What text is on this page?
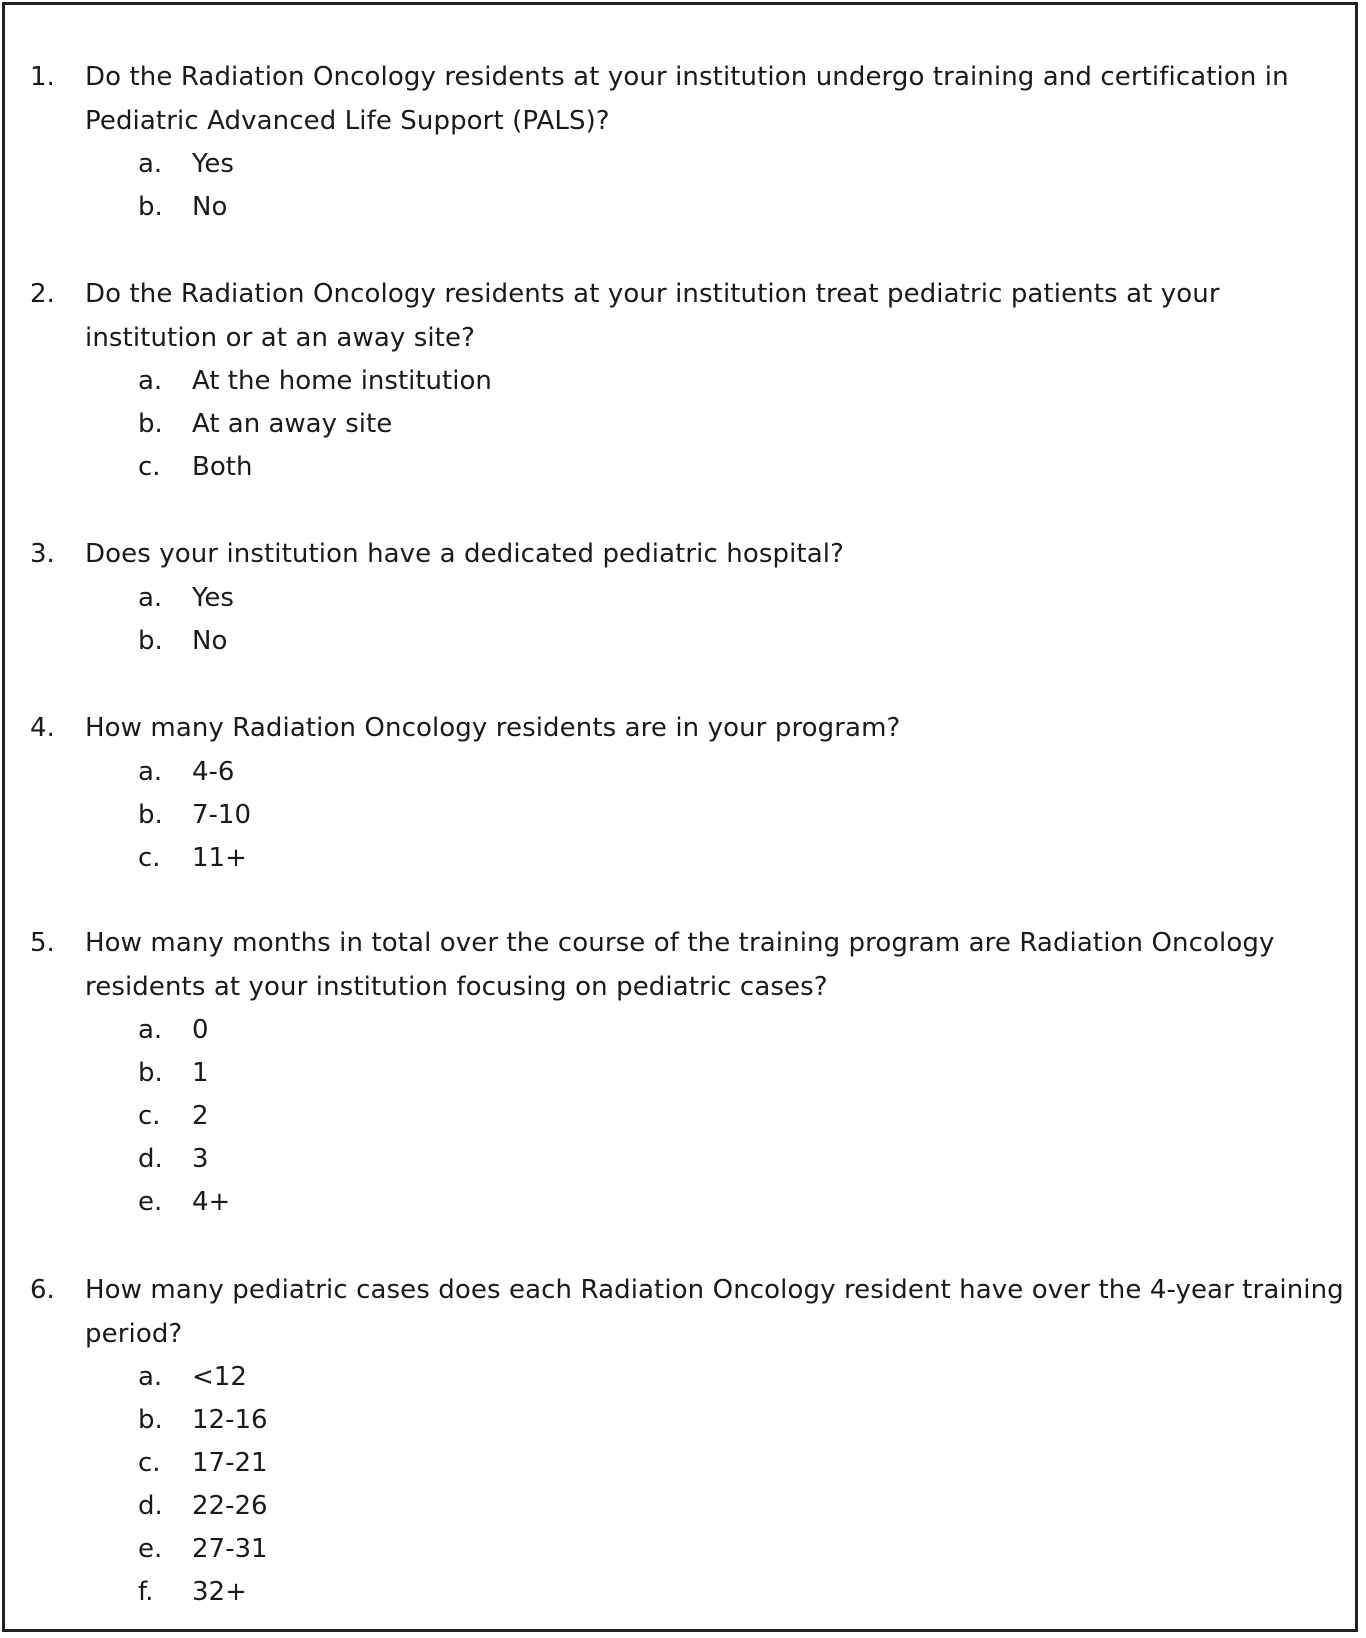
1. Do the Radiation Oncology residents at your institution undergo training and certification in Pediatric Advanced Life Support (PALS)?
a. Yes
b. No
2. Do the Radiation Oncology residents at your institution treat pediatric patients at your institution or at an away site?
a. At the home institution
b. At an away site
c. Both
3. Does your institution have a dedicated pediatric hospital?
a. Yes
b. No
4. How many Radiation Oncology residents are in your program?
a. 4-6
b. 7-10
c. 11+
5. How many months in total over the course of the training program are Radiation Oncology residents at your institution focusing on pediatric cases?
a. 0
b. 1
c. 2
d. 3
e. 4+
6. How many pediatric cases does each Radiation Oncology resident have over the 4-year training period?
a. <12
b. 12-16
c. 17-21
d. 22-26
e. 27-31
f. 32+
